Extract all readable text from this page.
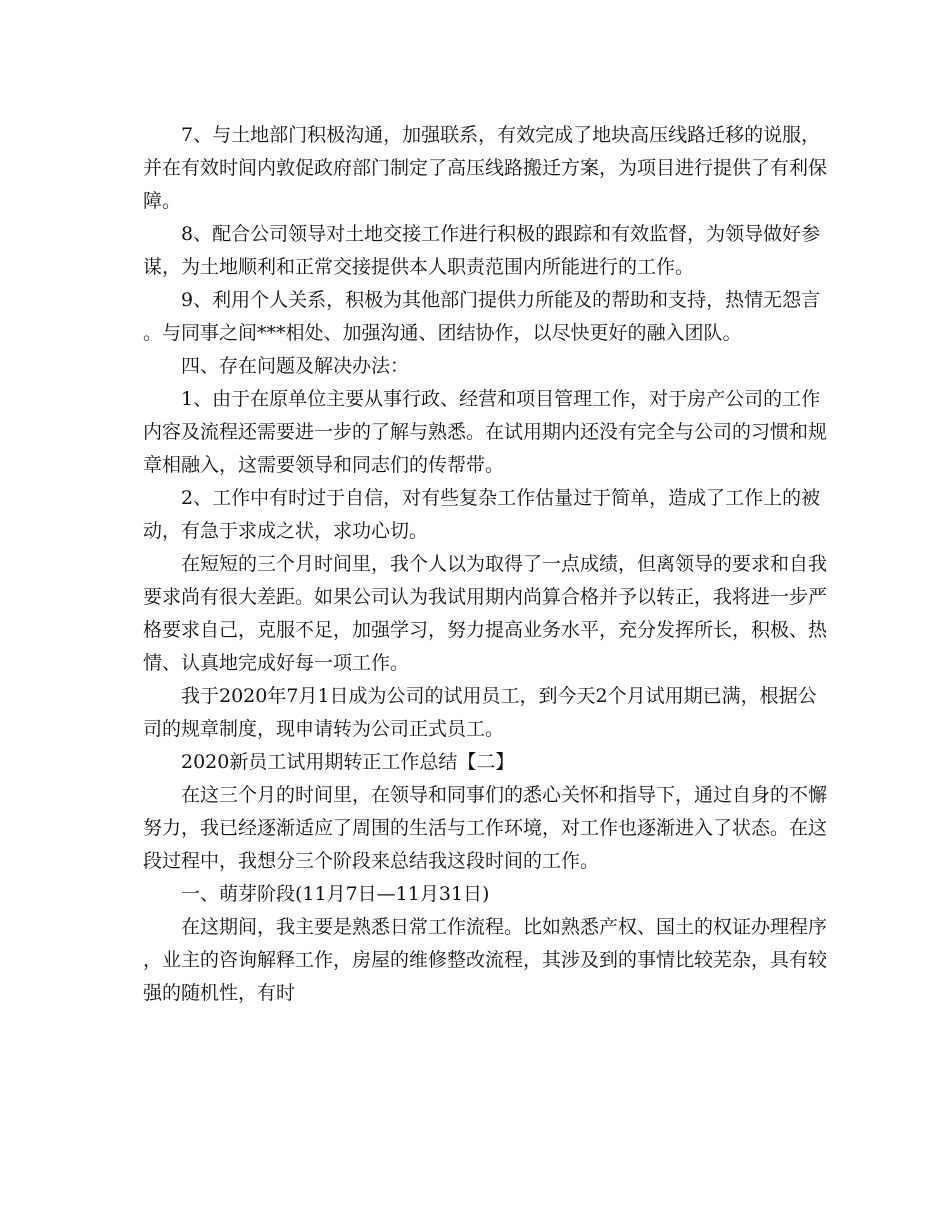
7、与土地部门积极沟通，加强联系，有效完成了地块高压线路迁移的说服，并在有效时间内敦促政府部门制定了高压线路搬迁方案，为项目进行提供了有利保障。

8、配合公司领导对土地交接工作进行积极的跟踪和有效监督，为领导做好参谋，为土地顺利和正常交接提供本人职责范围内所能进行的工作。

9、利用个人关系，积极为其他部门提供力所能及的帮助和支持，热情无怨言。与同事之间***相处、加强沟通、团结协作，以尽快更好的融入团队。

四、存在问题及解决办法：

1、由于在原单位主要从事行政、经营和项目管理工作，对于房产公司的工作内容及流程还需要进一步的了解与熟悉。在试用期内还没有完全与公司的习惯和规章相融入，这需要领导和同志们的传帮带。

2、工作中有时过于自信，对有些复杂工作估量过于简单，造成了工作上的被动，有急于求成之状，求功心切。

在短短的三个月时间里，我个人以为取得了一点成绩，但离领导的要求和自我要求尚有很大差距。如果公司认为我试用期内尚算合格并予以转正，我将进一步严格要求自己，克服不足，加强学习，努力提高业务水平，充分发挥所长，积极、热情、认真地完成好每一项工作。

我于2020年7月1日成为公司的试用员工，到今天2个月试用期已满，根据公司的规章制度，现申请转为公司正式员工。

2020新员工试用期转正工作总结【二】

在这三个月的时间里，在领导和同事们的悉心关怀和指导下，通过自身的不懈努力，我已经逐渐适应了周围的生活与工作环境，对工作也逐渐进入了状态。在这段过程中，我想分三个阶段来总结我这段时间的工作。

一、萌芽阶段(11月7日—11月31日)

在这期间，我主要是熟悉日常工作流程。比如熟悉产权、国土的权证办理程序，业主的咨询解释工作，房屋的维修整改流程，其涉及到的事情比较芜杂，具有较强的随机性，有时
